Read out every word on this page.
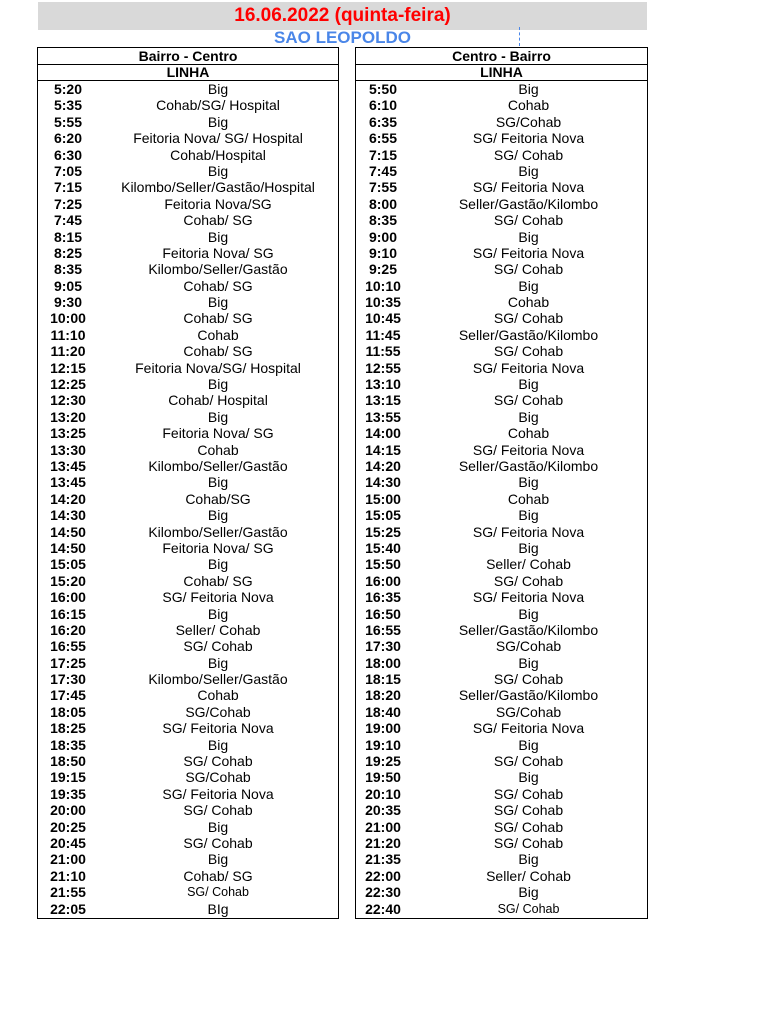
16.06.2022 (quinta-feira)
SAO LEOPOLDO
Bairro - Centro
LINHA
5:20	Big
5:35	Cohab/SG/ Hospital
5:55	Big
6:20	Feitoria Nova/ SG/ Hospital
6:30	Cohab/Hospital
7:05	Big
7:15	Kilombo/Seller/Gastão/Hospital
7:25	Feitoria Nova/SG
7:45	Cohab/ SG
8:15	Big
8:25	Feitoria Nova/ SG
8:35	Kilombo/Seller/Gastão
9:05	Cohab/ SG
9:30	Big
10:00	Cohab/ SG
11:10	Cohab
11:20	Cohab/ SG
12:15	Feitoria Nova/SG/ Hospital
12:25	Big
12:30	Cohab/ Hospital
13:20	Big
13:25	Feitoria Nova/ SG
13:30	Cohab
13:45	Kilombo/Seller/Gastão
13:45	Big
14:20	Cohab/SG
14:30	Big
14:50	Kilombo/Seller/Gastão
14:50	Feitoria Nova/ SG
15:05	Big
15:20	Cohab/ SG
16:00	SG/ Feitoria Nova
16:15	Big
16:20	Seller/ Cohab
16:55	SG/ Cohab
17:25	Big
17:30	Kilombo/Seller/Gastão
17:45	Cohab
18:05	SG/Cohab
18:25	SG/ Feitoria Nova
18:35	Big
18:50	SG/ Cohab
19:15	SG/Cohab
19:35	SG/ Feitoria Nova
20:00	SG/ Cohab
20:25	Big
20:45	SG/ Cohab
21:00	Big
21:10	Cohab/ SG
21:55	SG/ Cohab
22:05	BIg
Centro - Bairro
LINHA
5:50	Big
6:10	Cohab
6:35	SG/Cohab
6:55	SG/ Feitoria Nova
7:15	SG/ Cohab
7:45	Big
7:55	SG/ Feitoria Nova
8:00	Seller/Gastão/Kilombo
8:35	SG/ Cohab
9:00	Big
9:10	SG/ Feitoria Nova
9:25	SG/ Cohab
10:10	Big
10:35	Cohab
10:45	SG/ Cohab
11:45	Seller/Gastão/Kilombo
11:55	SG/ Cohab
12:55	SG/ Feitoria Nova
13:10	Big
13:15	SG/ Cohab
13:55	Big
14:00	Cohab
14:15	SG/ Feitoria Nova
14:20	Seller/Gastão/Kilombo
14:30	Big
15:00	Cohab
15:05	Big
15:25	SG/ Feitoria Nova
15:40	Big
15:50	Seller/ Cohab
16:00	SG/ Cohab
16:35	SG/ Feitoria Nova
16:50	Big
16:55	Seller/Gastão/Kilombo
17:30	SG/Cohab
18:00	Big
18:15	SG/ Cohab
18:20	Seller/Gastão/Kilombo
18:40	SG/Cohab
19:00	SG/ Feitoria Nova
19:10	Big
19:25	SG/ Cohab
19:50	Big
20:10	SG/ Cohab
20:35	SG/ Cohab
21:00	SG/ Cohab
21:20	SG/ Cohab
21:35	Big
22:00	Seller/ Cohab
22:30	Big
22:40	SG/ Cohab
